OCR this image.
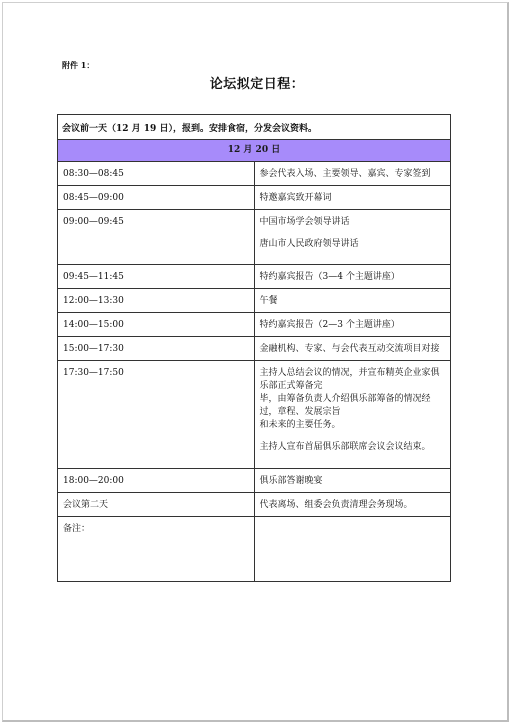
附件 1：
论坛拟定日程：
会议前一天（12 月 19 日），报到。安排食宿，分发会议资料。	
12 月 20 日	
08:30—08:45	参会代表入场、主要领导、嘉宾、专家签到
08:45—09:00	特邀嘉宾致开幕词
09:00—09:45	中国市场学会领导讲话
唐山市人民政府领导讲话

09:45—11:45	特约嘉宾报告（3—4 个主题讲座）
12:00—13:30	午餐
14:00—15:00	特约嘉宾报告（2—3 个主题讲座）
15:00—17:30	金融机构、专家、与会代表互动交流项目对接
17:30—17:50	主持人总结会议的情况，并宣布精英企业家俱乐部正式筹备完
毕，由筹备负责人介绍俱乐部筹备的情况经过，章程、发展宗旨
和未来的主要任务。
主持人宣布首届俱乐部联席会议会议结束。

18:00—20:00	俱乐部答谢晚宴
会议第二天	代表离场、组委会负责清理会务现场。
备注：	
